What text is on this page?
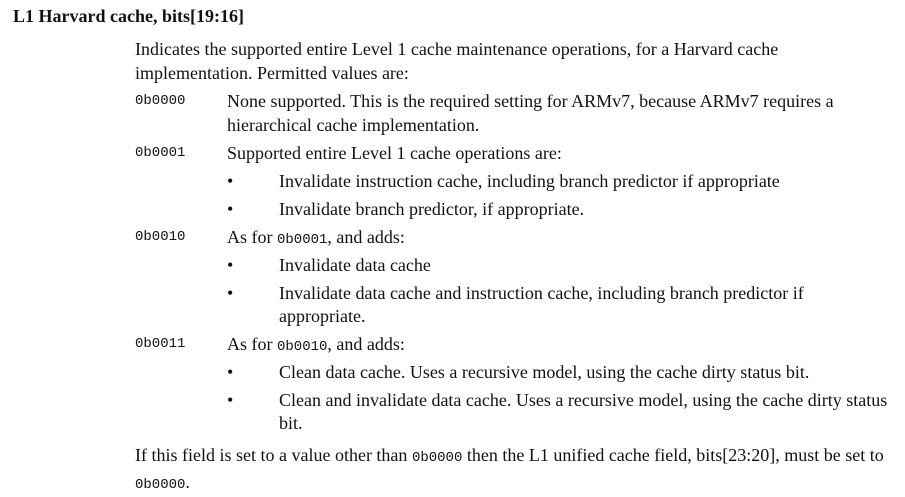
L1 Harvard cache, bits[19:16]

Indicates the supported entire Level 1 cache maintenance operations, for a Harvard cache implementation. Permitted values are:

0b0000 None supported. This is the required setting for ARMv7, because ARMv7 requires a hierarchical cache implementation.

0b0001 Supported entire Level 1 cache operations are:

•	Invalidate instruction cache, including branch predictor if appropriate

•	Invalidate branch predictor, if appropriate.

0b0010 As for 0b0001, and adds:

•	Invalidate data cache

•	Invalidate data cache and instruction cache, including branch predictor if appropriate.

0b0011 As for 0b0010, and adds:

•	Clean data cache. Uses a recursive model, using the cache dirty status bit.

•	Clean and invalidate data cache. Uses a recursive model, using the cache dirty status bit.

If this field is set to a value other than 0b0000 then the L1 unified cache field, bits[23:20], must be set to 0b0000.
